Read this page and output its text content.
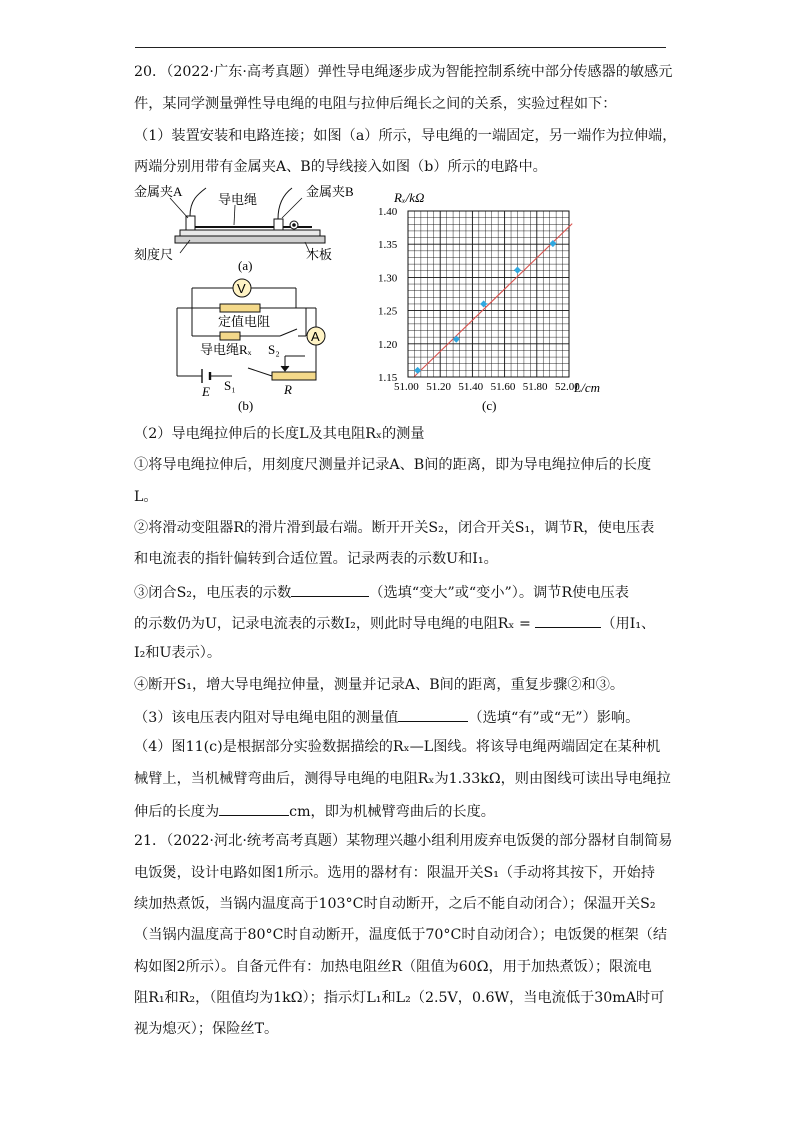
20．（2022·广东·高考真题）弹性导电绳逐步成为智能控制系统中部分传感器的敏感元
件，某同学测量弹性导电绳的电阻与拉伸后绳长之间的关系，实验过程如下：
（1）装置安装和电路连接；如图（a）所示，导电绳的一端固定，另一端作为拉伸端，
两端分别用带有金属夹A、B的导线接入如图（b）所示的电路中。
金属夹A
导电绳
金属夹B
刻度尺	木板
(a)
V
A
定值电阻
导电绳Rₓ S₂
S₁
E	R
(b)
51.00 51.20 51.40 51.60 51.80 52.00
1.15
1.20
1.25
1.30
1.35
1.40
Rₓ/kΩ
L/cm
(c)
（2）导电绳拉伸后的长度L及其电阻Rₓ的测量
①将导电绳拉伸后，用刻度尺测量并记录A、B间的距离，即为导电绳拉伸后的长度
L。
②将滑动变阻器R的滑片滑到最右端。断开开关S₂，闭合开关S₁，调节R，使电压表
和电流表的指针偏转到合适位置。记录两表的示数U和I₁。
③闭合S₂，电压表的示数	（选填“变大”或“变小”）。调节R使电压表
的示数仍为U，记录电流表的示数I₂，则此时导电绳的电阻Rₓ =	（用I₁、
I₂和U表示）。
④断开S₁，增大导电绳拉伸量，测量并记录A、B间的距离，重复步骤②和③。
（3）该电压表内阻对导电绳电阻的测量值	（选填“有”或“无”）影响。
（4）图11(c)是根据部分实验数据描绘的Rₓ—L图线。将该导电绳两端固定在某种机
械臂上，当机械臂弯曲后，测得导电绳的电阻Rₓ为1.33kΩ，则由图线可读出导电绳拉
伸后的长度为	cm，即为机械臂弯曲后的长度。
21．（2022·河北·统考高考真题）某物理兴趣小组利用废弃电饭煲的部分器材自制简易
电饭煲，设计电路如图1所示。选用的器材有：限温开关S₁（手动将其按下，开始持
续加热煮饭，当锅内温度高于103°C时自动断开，之后不能自动闭合）；保温开关S₂
（当锅内温度高于80°C时自动断开，温度低于70°C时自动闭合）；电饭煲的框架（结
构如图2所示）。自备元件有：加热电阻丝R（阻值为60Ω，用于加热煮饭）；限流电
阻R₁和R₂，（阻值均为1kΩ）；指示灯L₁和L₂（2.5V，0.6W，当电流低于30mA时可
视为熄灭）；保险丝T。
